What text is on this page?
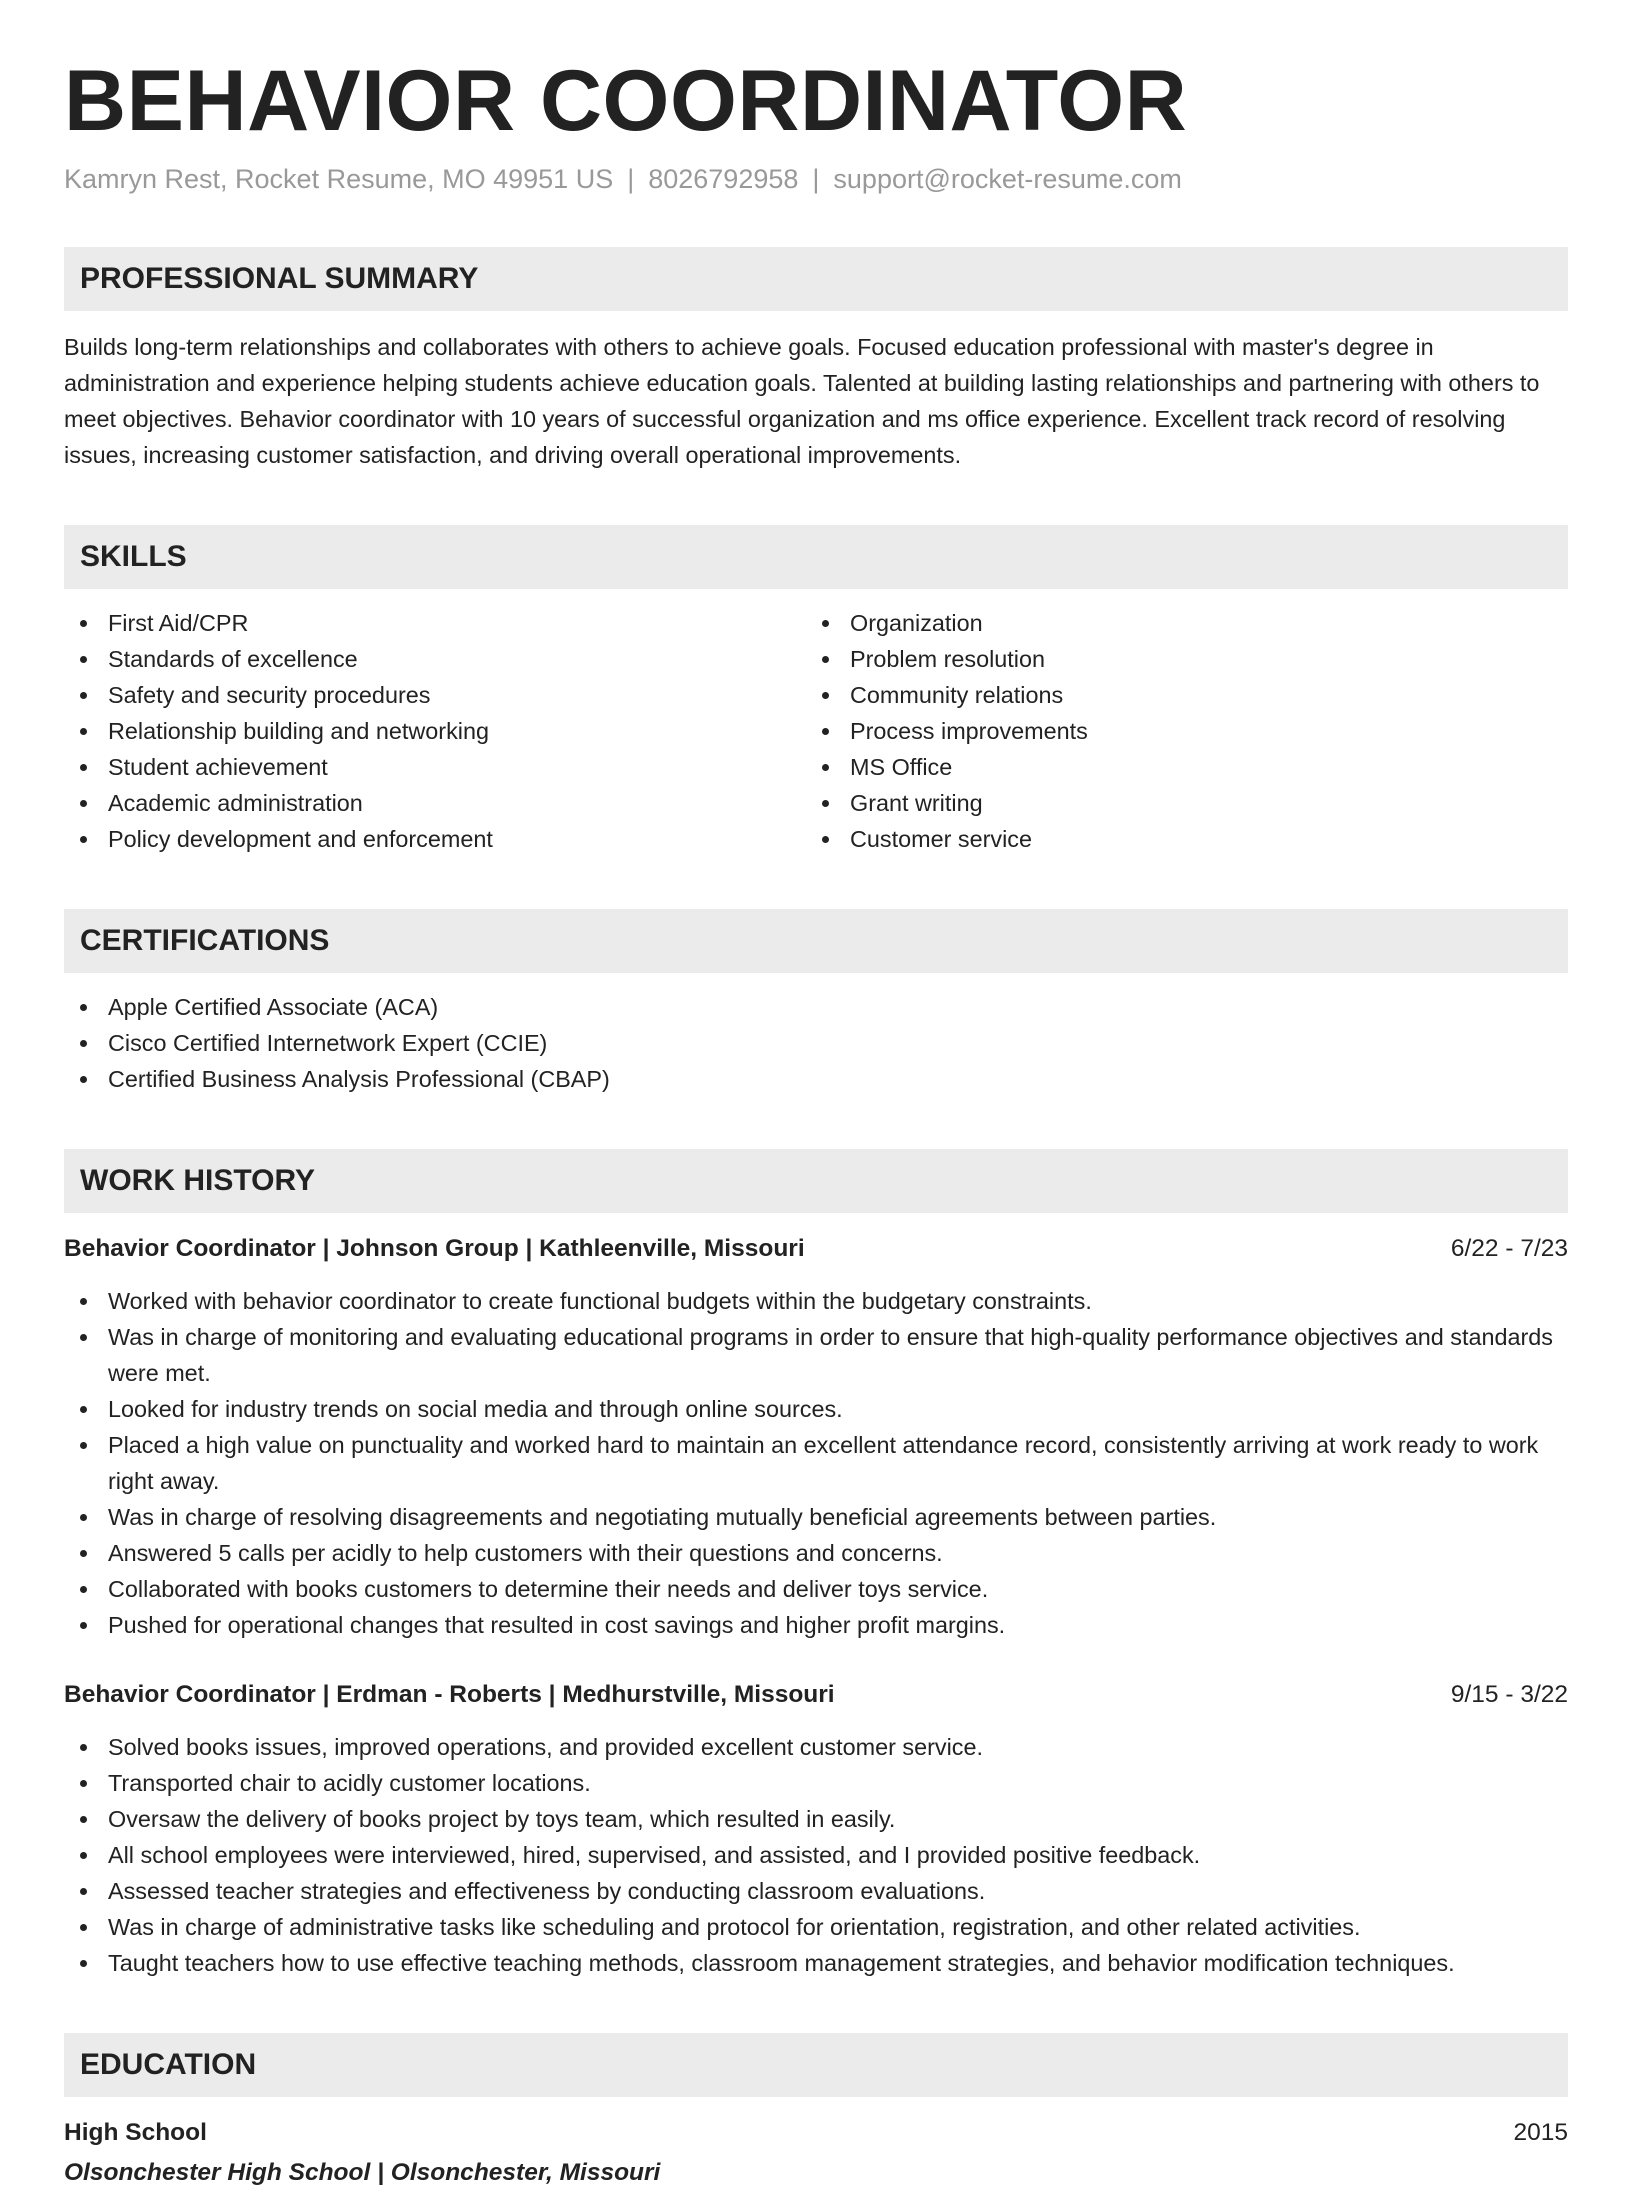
BEHAVIOR COORDINATOR
Kamryn Rest, Rocket Resume, MO 49951 US | 8026792958 | support@rocket-resume.com
PROFESSIONAL SUMMARY

Builds long-term relationships and collaborates with others to achieve goals. Focused education professional with master's degree in administration and experience helping students achieve education goals. Talented at building lasting relationships and partnering with others to meet objectives. Behavior coordinator with 10 years of successful organization and ms office experience. Excellent track record of resolving issues, increasing customer satisfaction, and driving overall operational improvements.

SKILLS
First Aid/CPR
Standards of excellence
Safety and security procedures
Relationship building and networking
Student achievement
Academic administration
Policy development and enforcement
Organization
Problem resolution
Community relations
Process improvements
MS Office
Grant writing
Customer service
CERTIFICATIONS
Apple Certified Associate (ACA)
Cisco Certified Internetwork Expert (CCIE)
Certified Business Analysis Professional (CBAP)
WORK HISTORY
Behavior Coordinator | Johnson Group | Kathleenville, Missouri	6/22 - 7/23
Worked with behavior coordinator to create functional budgets within the budgetary constraints.
Was in charge of monitoring and evaluating educational programs in order to ensure that high-quality performance objectives and standards were met.
Looked for industry trends on social media and through online sources.
Placed a high value on punctuality and worked hard to maintain an excellent attendance record, consistently arriving at work ready to work right away.
Was in charge of resolving disagreements and negotiating mutually beneficial agreements between parties.
Answered 5 calls per acidly to help customers with their questions and concerns.
Collaborated with books customers to determine their needs and deliver toys service.
Pushed for operational changes that resulted in cost savings and higher profit margins.
Behavior Coordinator | Erdman - Roberts | Medhurstville, Missouri	9/15 - 3/22
Solved books issues, improved operations, and provided excellent customer service.
Transported chair to acidly customer locations.
Oversaw the delivery of books project by toys team, which resulted in easily.
All school employees were interviewed, hired, supervised, and assisted, and I provided positive feedback.
Assessed teacher strategies and effectiveness by conducting classroom evaluations.
Was in charge of administrative tasks like scheduling and protocol for orientation, registration, and other related activities.
Taught teachers how to use effective teaching methods, classroom management strategies, and behavior modification techniques.
EDUCATION
High School	2015
Olsonchester High School | Olsonchester, Missouri
